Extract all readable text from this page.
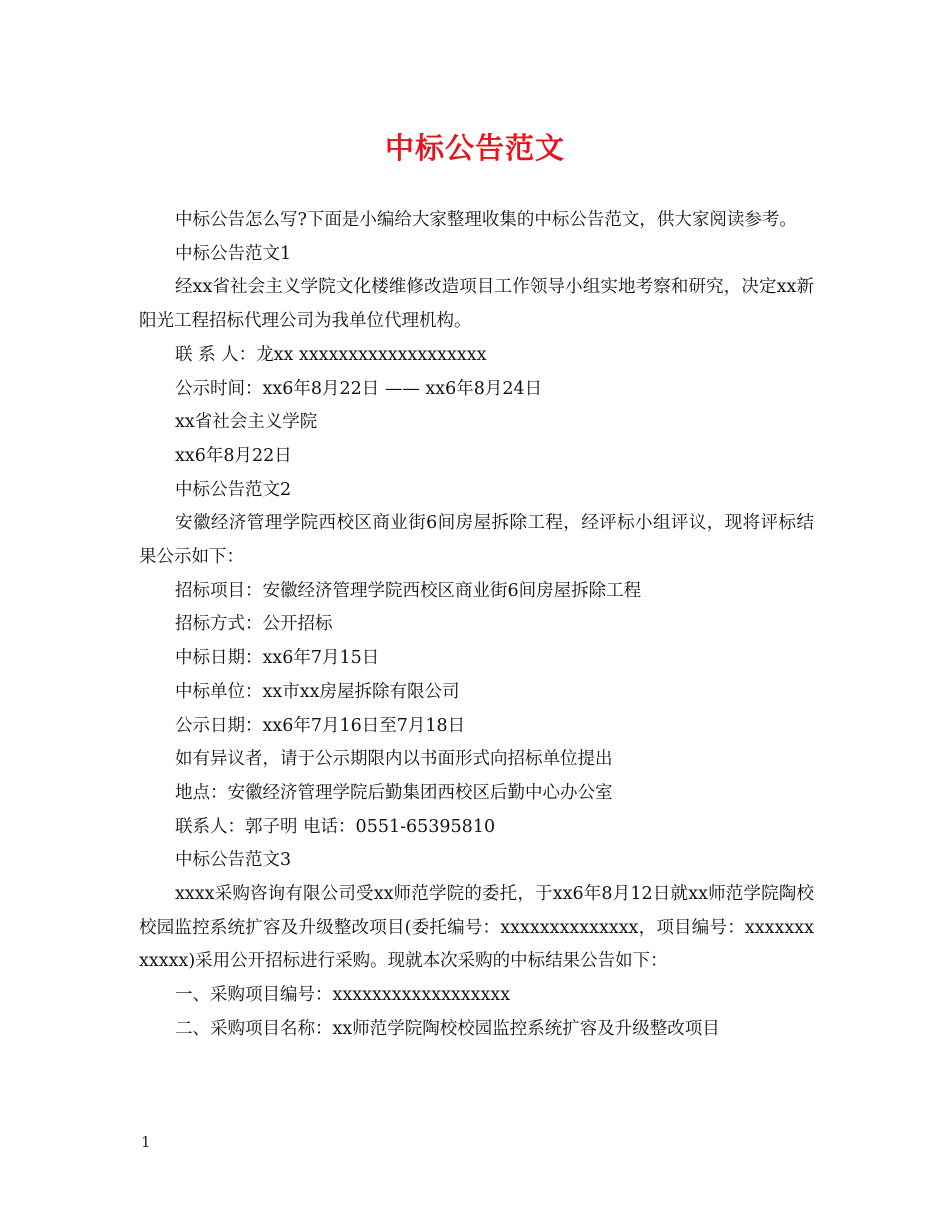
中标公告范文

中标公告怎么写?下面是小编给大家整理收集的中标公告范文，供大家阅读参考。

中标公告范文1

经xx省社会主义学院文化楼维修改造项目工作领导小组实地考察和研究，决定xx新阳光工程招标代理公司为我单位代理机构。

联 系 人：龙xx xxxxxxxxxxxxxxxxxxx

公示时间：xx6年8月22日 —— xx6年8月24日

xx省社会主义学院

xx6年8月22日

中标公告范文2

安徽经济管理学院西校区商业街6间房屋拆除工程，经评标小组评议，现将评标结果公示如下：

招标项目：安徽经济管理学院西校区商业街6间房屋拆除工程

招标方式：公开招标

中标日期：xx6年7月15日

中标单位：xx市xx房屋拆除有限公司

公示日期：xx6年7月16日至7月18日

如有异议者，请于公示期限内以书面形式向招标单位提出

地点：安徽经济管理学院后勤集团西校区后勤中心办公室

联系人：郭子明 电话：0551-65395810

中标公告范文3

xxxx采购咨询有限公司受xx师范学院的委托，于xx6年8月12日就xx师范学院陶校校园监控系统扩容及升级整改项目(委托编号：xxxxxxxxxxxxxx，项目编号：xxxxxxxxxxxx)采用公开招标进行采购。现就本次采购的中标结果公告如下：

一、采购项目编号：xxxxxxxxxxxxxxxxxx

二、采购项目名称：xx师范学院陶校校园监控系统扩容及升级整改项目

1
